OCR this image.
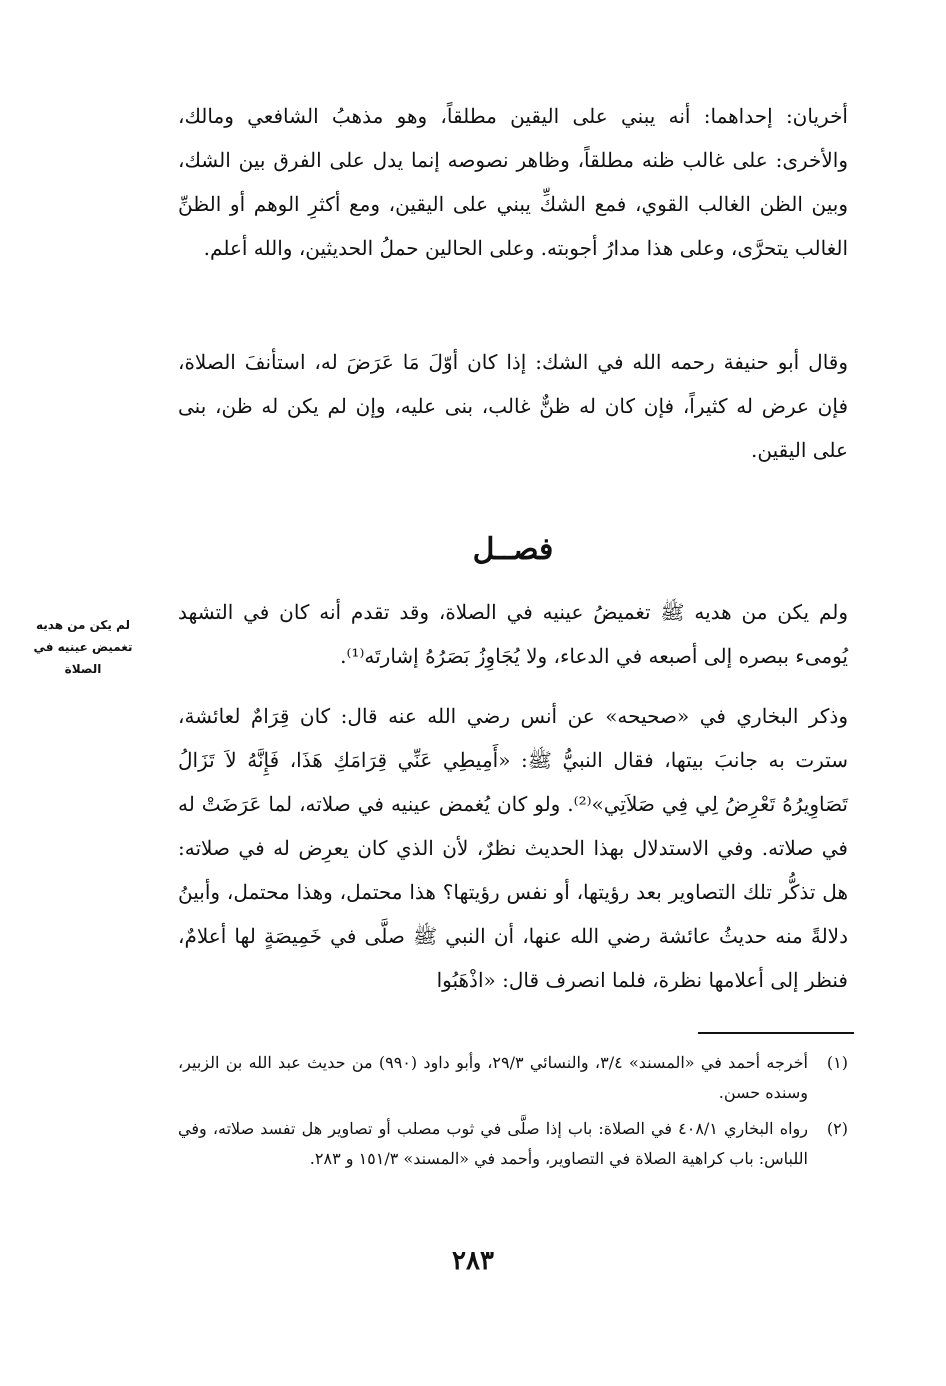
أخريان: إحداهما: أنه يبني على اليقين مطلقاً، وهو مذهبُ الشافعي ومالك، والأخرى: على غالب ظنه مطلقاً، وظاهر نصوصه إنما يدل على الفرق بين الشك، وبين الظن الغالب القوي، فمع الشكِّ يبني على اليقين، ومع أكثرِ الوهم أو الظنِّ الغالب يتحرَّى، وعلى هذا مدارُ أجوبته. وعلى الحالين حملُ الحديثين، والله أعلم.

وقال أبو حنيفة رحمه الله في الشك: إذا كان أوّلَ مَا عَرَضَ له، استأنفَ الصلاة، فإن عرض له كثيراً، فإن كان له ظنٌّ غالب، بنى عليه، وإن لم يكن له ظن، بنى على اليقين.

فصــل
لم يكن من هديه تغميض عينيه في الصلاة

ولم يكن من هديه ﷺ تغميضُ عينيه في الصلاة، وقد تقدم أنه كان في التشهد يُومىء ببصره إلى أصبعه في الدعاء، ولا يُجَاوِزُ بَصَرُهُ إشارتَه⁽¹⁾.

وذكر البخاري في «صحيحه» عن أنس رضي الله عنه قال: كان قِرَامٌ لعائشة، سترت به جانبَ بيتها، فقال النبيُّ ﷺ: «أَمِيطِي عَنِّي قِرَامَكِ هَذَا، فَإِنَّهُ لاَ تَزَالُ تَصَاوِيرُهُ تَعْرِضُ لِي فِي صَلاَتِي»⁽²⁾. ولو كان يُغمض عينيه في صلاته، لما عَرَضَتْ له في صلاته. وفي الاستدلال بهذا الحديث نظرٌ، لأن الذي كان يعرِض له في صلاته: هل تذكُّر تلك التصاوير بعد رؤيتها، أو نفس رؤيتها؟ هذا محتمل، وهذا محتمل، وأبينُ دلالةً منه حديثُ عائشة رضي الله عنها، أن النبي ﷺ صلَّى في خَمِيصَةٍ لها أعلامٌ، فنظر إلى أعلامها نظرة، فلما انصرف قال: «اذْهَبُوا

(١)
أخرجه أحمد في «المسند» ٣/٤، والنسائي ٢٩/٣، وأبو داود (٩٩٠) من حديث عبد الله بن الزبير، وسنده حسن.
(٢)
رواه البخاري ٤٠٨/١ في الصلاة: باب إذا صلَّى في ثوب مصلب أو تصاوير هل تفسد صلاته، وفي اللباس: باب كراهية الصلاة في التصاوير، وأحمد في «المسند» ١٥١/٣ و ٢٨٣.
٢٨٣
